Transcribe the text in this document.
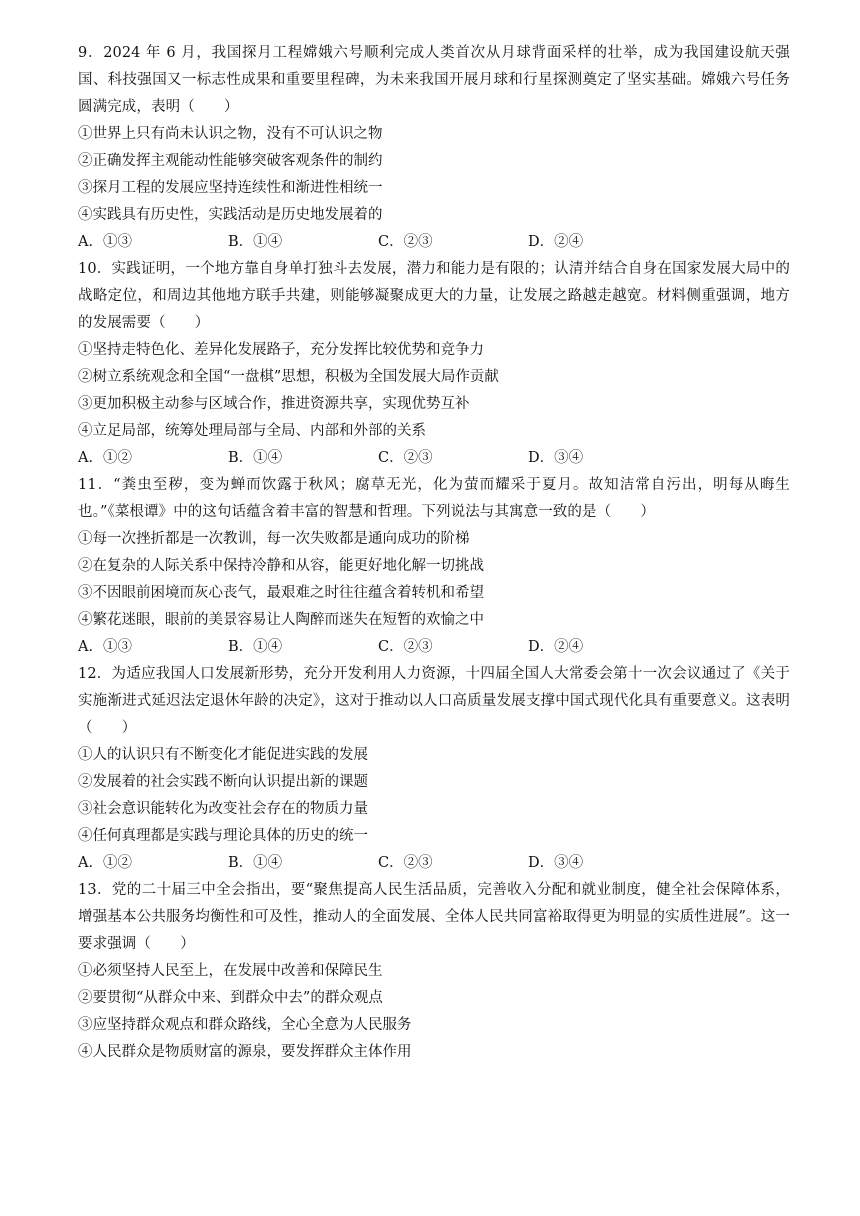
9．2024 年 6 月，我国探月工程嫦娥六号顺利完成人类首次从月球背面采样的壮举，成为我国建设航天强国、科技强国又一标志性成果和重要里程碑，为未来我国开展月球和行星探测奠定了坚实基础。嫦娥六号任务圆满完成，表明（　　）

①世界上只有尚未认识之物，没有不可认识之物

②正确发挥主观能动性能够突破客观条件的制约

③探月工程的发展应坚持连续性和渐进性相统一

④实践具有历史性，实践活动是历史地发展着的

A．①③	B．①④	C．②③	D．②④

10．实践证明，一个地方靠自身单打独斗去发展，潜力和能力是有限的；认清并结合自身在国家发展大局中的战略定位，和周边其他地方联手共建，则能够凝聚成更大的力量，让发展之路越走越宽。材料侧重强调，地方的发展需要（　　）

①坚持走特色化、差异化发展路子，充分发挥比较优势和竞争力

②树立系统观念和全国“一盘棋”思想，积极为全国发展大局作贡献

③更加积极主动参与区域合作，推进资源共享，实现优势互补

④立足局部，统筹处理局部与全局、内部和外部的关系

A．①②	B．①④	C．②③	D．③④

11．“粪虫至秽，变为蝉而饮露于秋风；腐草无光，化为萤而耀采于夏月。故知洁常自污出，明每从晦生也。”《菜根谭》中的这句话蕴含着丰富的智慧和哲理。下列说法与其寓意一致的是（　　）

①每一次挫折都是一次教训，每一次失败都是通向成功的阶梯

②在复杂的人际关系中保持冷静和从容，能更好地化解一切挑战

③不因眼前困境而灰心丧气，最艰难之时往往蕴含着转机和希望

④繁花迷眼，眼前的美景容易让人陶醉而迷失在短暂的欢愉之中

A．①③	B．①④	C．②③	D．②④

12．为适应我国人口发展新形势，充分开发利用人力资源，十四届全国人大常委会第十一次会议通过了《关于实施渐进式延迟法定退休年龄的决定》，这对于推动以人口高质量发展支撑中国式现代化具有重要意义。这表明（　　）

①人的认识只有不断变化才能促进实践的发展

②发展着的社会实践不断向认识提出新的课题

③社会意识能转化为改变社会存在的物质力量

④任何真理都是实践与理论具体的历史的统一

A．①②	B．①④	C．②③	D．③④

13．党的二十届三中全会指出，要“聚焦提高人民生活品质，完善收入分配和就业制度，健全社会保障体系，增强基本公共服务均衡性和可及性，推动人的全面发展、全体人民共同富裕取得更为明显的实质性进展”。这一要求强调（　　）

①必须坚持人民至上，在发展中改善和保障民生

②要贯彻“从群众中来、到群众中去”的群众观点

③应坚持群众观点和群众路线，全心全意为人民服务

④人民群众是物质财富的源泉，要发挥群众主体作用
